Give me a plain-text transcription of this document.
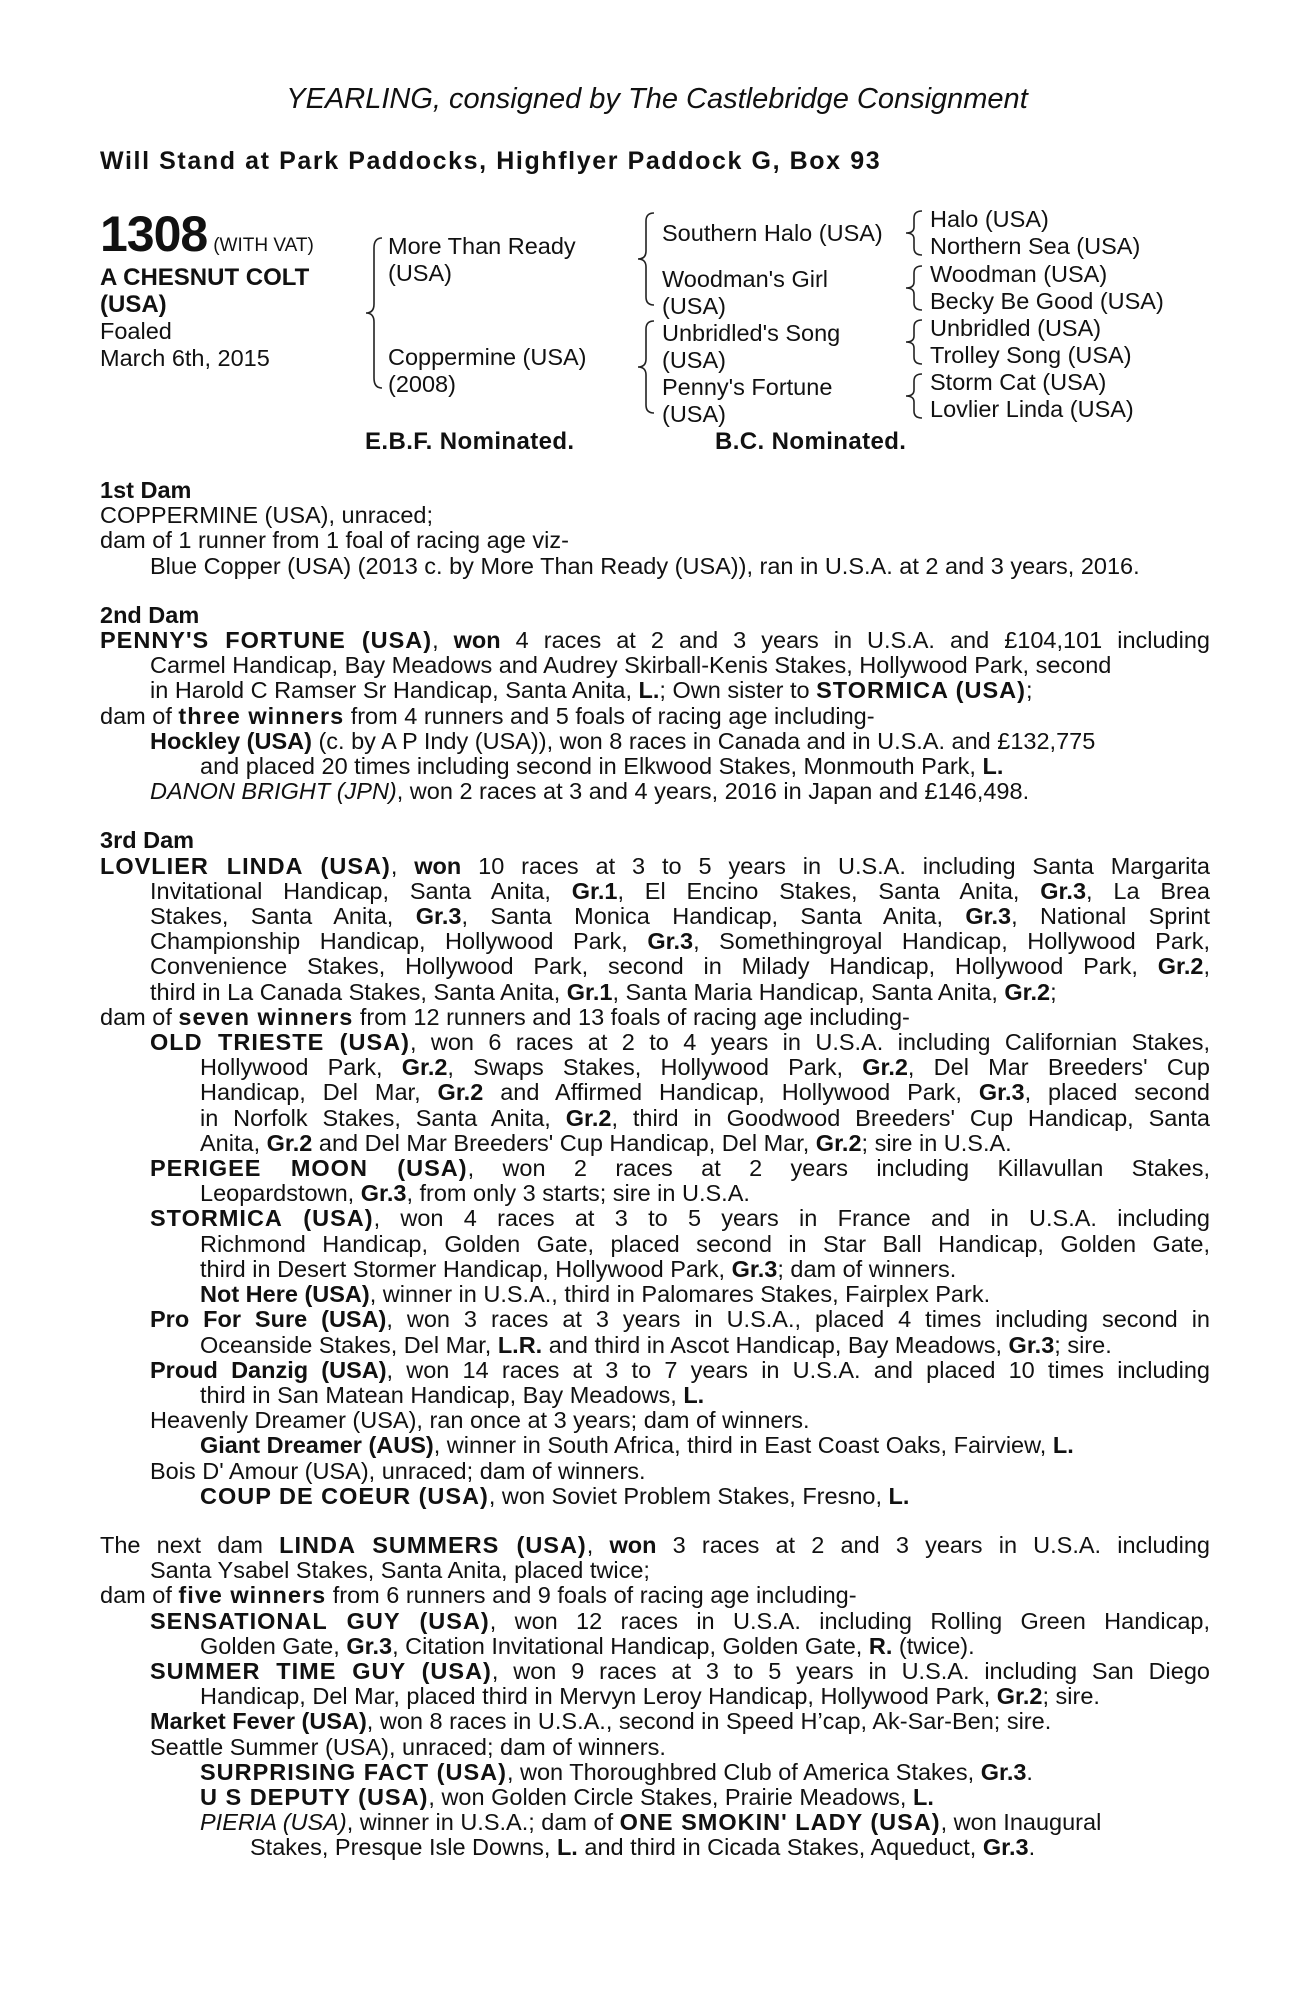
YEARLING, consigned by The Castlebridge Consignment
Will Stand at Park Paddocks, Highflyer Paddock G, Box 93
1308 (WITH VAT)
A CHESNUT COLT
(USA)
Foaled
March 6th, 2015
More Than Ready
(USA)
Coppermine (USA)
(2008)
Southern Halo (USA)
Woodman's Girl
(USA)
Unbridled's Song
(USA)
Penny's Fortune
(USA)
Halo (USA)
Northern Sea (USA)
Woodman (USA)
Becky Be Good (USA)
Unbridled (USA)
Trolley Song (USA)
Storm Cat (USA)
Lovlier Linda (USA)
E.B.F. Nominated.	B.C. Nominated.
1st Dam
COPPERMINE (USA), unraced;
dam of 1 runner from 1 foal of racing age viz-
Blue Copper (USA) (2013 c. by More Than Ready (USA)), ran in U.S.A. at 2 and 3 years, 2016.
2nd Dam
PENNY'S FORTUNE (USA), won 4 races at 2 and 3 years in U.S.A. and £104,101 including
Carmel Handicap, Bay Meadows and Audrey Skirball-Kenis Stakes, Hollywood Park, second
in Harold C Ramser Sr Handicap, Santa Anita, L.; Own sister to STORMICA (USA);
dam of three winners from 4 runners and 5 foals of racing age including-
Hockley (USA) (c. by A P Indy (USA)), won 8 races in Canada and in U.S.A. and £132,775
and placed 20 times including second in Elkwood Stakes, Monmouth Park, L.
DANON BRIGHT (JPN), won 2 races at 3 and 4 years, 2016 in Japan and £146,498.
3rd Dam
LOVLIER LINDA (USA), won 10 races at 3 to 5 years in U.S.A. including Santa Margarita
Invitational Handicap, Santa Anita, Gr.1, El Encino Stakes, Santa Anita, Gr.3, La Brea
Stakes, Santa Anita, Gr.3, Santa Monica Handicap, Santa Anita, Gr.3, National Sprint
Championship Handicap, Hollywood Park, Gr.3, Somethingroyal Handicap, Hollywood Park,
Convenience Stakes, Hollywood Park, second in Milady Handicap, Hollywood Park, Gr.2,
third in La Canada Stakes, Santa Anita, Gr.1, Santa Maria Handicap, Santa Anita, Gr.2;
dam of seven winners from 12 runners and 13 foals of racing age including-
OLD TRIESTE (USA), won 6 races at 2 to 4 years in U.S.A. including Californian Stakes,
Hollywood Park, Gr.2, Swaps Stakes, Hollywood Park, Gr.2, Del Mar Breeders' Cup
Handicap, Del Mar, Gr.2 and Affirmed Handicap, Hollywood Park, Gr.3, placed second
in Norfolk Stakes, Santa Anita, Gr.2, third in Goodwood Breeders' Cup Handicap, Santa
Anita, Gr.2 and Del Mar Breeders' Cup Handicap, Del Mar, Gr.2; sire in U.S.A.
PERIGEE MOON (USA), won 2 races at 2 years including Killavullan Stakes,
Leopardstown, Gr.3, from only 3 starts; sire in U.S.A.
STORMICA (USA), won 4 races at 3 to 5 years in France and in U.S.A. including
Richmond Handicap, Golden Gate, placed second in Star Ball Handicap, Golden Gate,
third in Desert Stormer Handicap, Hollywood Park, Gr.3; dam of winners.
Not Here (USA), winner in U.S.A., third in Palomares Stakes, Fairplex Park.
Pro For Sure (USA), won 3 races at 3 years in U.S.A., placed 4 times including second in
Oceanside Stakes, Del Mar, L.R. and third in Ascot Handicap, Bay Meadows, Gr.3; sire.
Proud Danzig (USA), won 14 races at 3 to 7 years in U.S.A. and placed 10 times including
third in San Matean Handicap, Bay Meadows, L.
Heavenly Dreamer (USA), ran once at 3 years; dam of winners.
Giant Dreamer (AUS), winner in South Africa, third in East Coast Oaks, Fairview, L.
Bois D' Amour (USA), unraced; dam of winners.
COUP DE COEUR (USA), won Soviet Problem Stakes, Fresno, L.
The next dam LINDA SUMMERS (USA), won 3 races at 2 and 3 years in U.S.A. including
Santa Ysabel Stakes, Santa Anita, placed twice;
dam of five winners from 6 runners and 9 foals of racing age including-
SENSATIONAL GUY (USA), won 12 races in U.S.A. including Rolling Green Handicap,
Golden Gate, Gr.3, Citation Invitational Handicap, Golden Gate, R. (twice).
SUMMER TIME GUY (USA), won 9 races at 3 to 5 years in U.S.A. including San Diego
Handicap, Del Mar, placed third in Mervyn Leroy Handicap, Hollywood Park, Gr.2; sire.
Market Fever (USA), won 8 races in U.S.A., second in Speed H’cap, Ak-Sar-Ben; sire.
Seattle Summer (USA), unraced; dam of winners.
SURPRISING FACT (USA), won Thoroughbred Club of America Stakes, Gr.3.
U S DEPUTY (USA), won Golden Circle Stakes, Prairie Meadows, L.
PIERIA (USA), winner in U.S.A.; dam of ONE SMOKIN' LADY (USA), won Inaugural
Stakes, Presque Isle Downs, L. and third in Cicada Stakes, Aqueduct, Gr.3.
